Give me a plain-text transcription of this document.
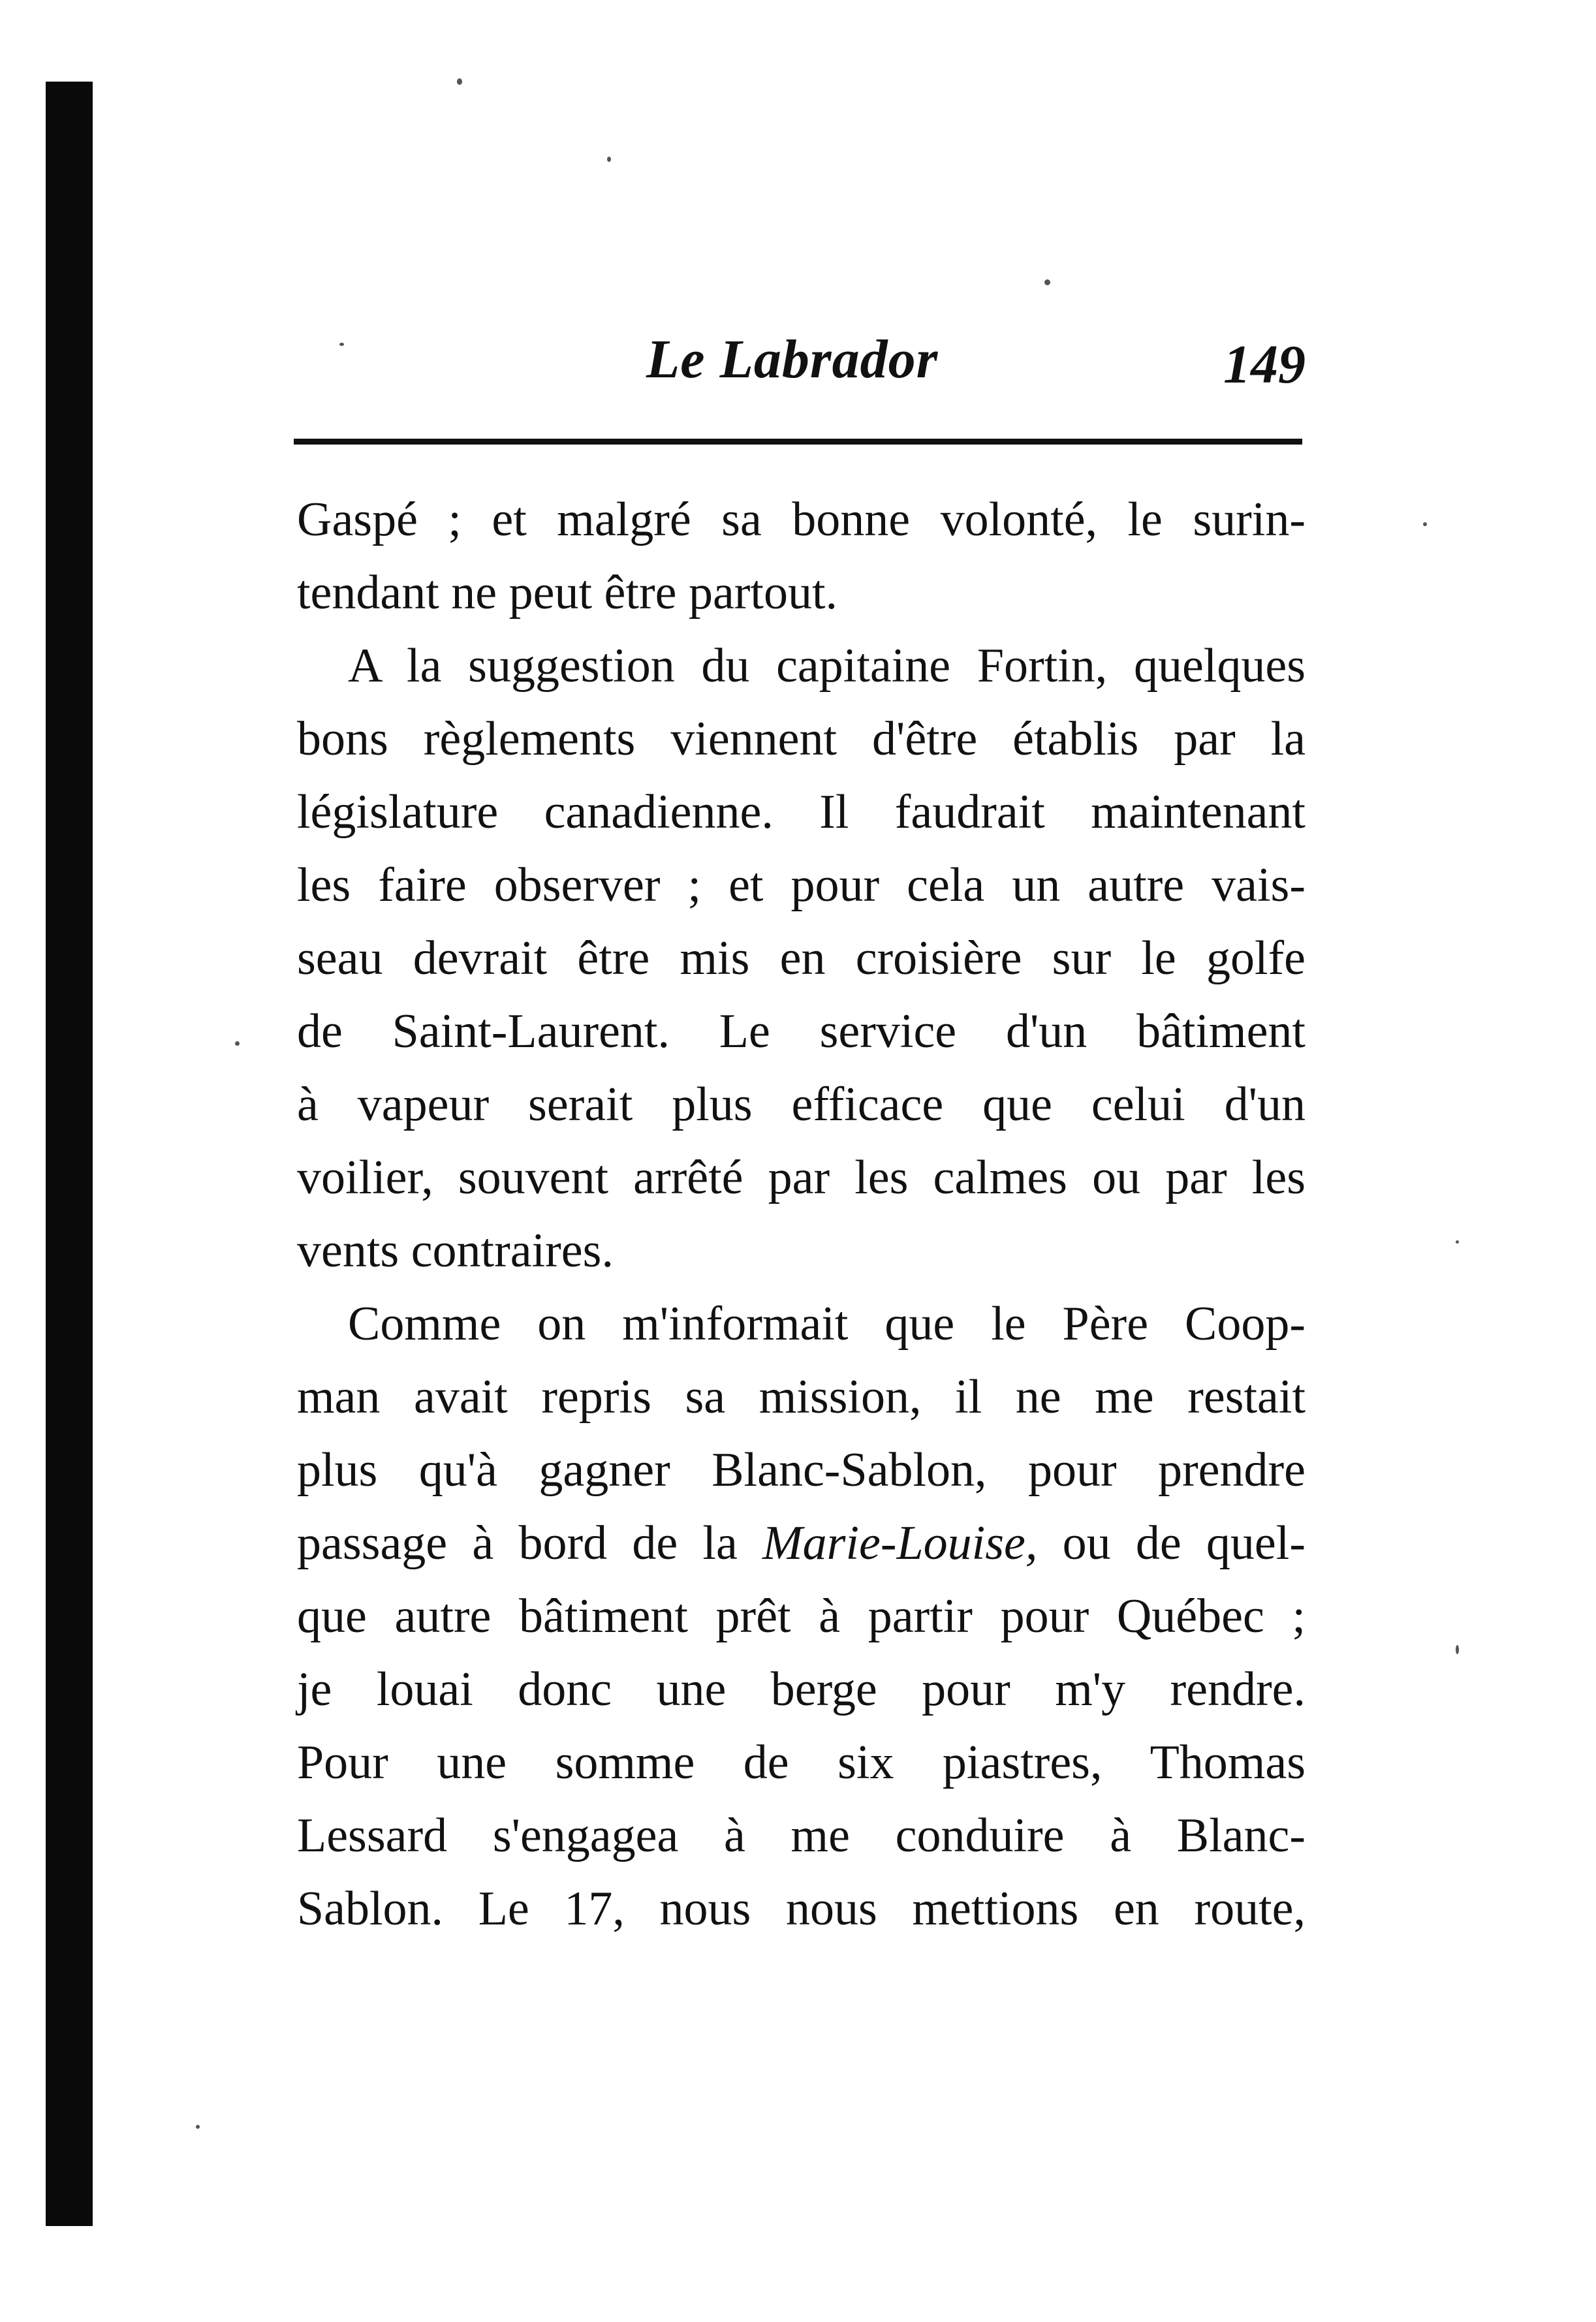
Le Labrador	149
Gaspé ; et malgré sa bonne volonté, le surin-
tendant ne peut être partout.
A la suggestion du capitaine Fortin, quelques
bons règlements viennent d'être établis par la
législature canadienne. Il faudrait maintenant
les faire observer ; et pour cela un autre vais-
seau devrait être mis en croisière sur le golfe
de Saint-Laurent. Le service d'un bâtiment
à vapeur serait plus efficace que celui d'un
voilier, souvent arrêté par les calmes ou par les
vents contraires.
Comme on m'informait que le Père Coop-
man avait repris sa mission, il ne me restait
plus qu'à gagner Blanc-Sablon, pour prendre
passage à bord de la Marie-Louise, ou de quel-
que autre bâtiment prêt à partir pour Québec ;
je louai donc une berge pour m'y rendre.
Pour une somme de six piastres, Thomas
Lessard s'engagea à me conduire à Blanc-
Sablon. Le 17, nous nous mettions en route,
